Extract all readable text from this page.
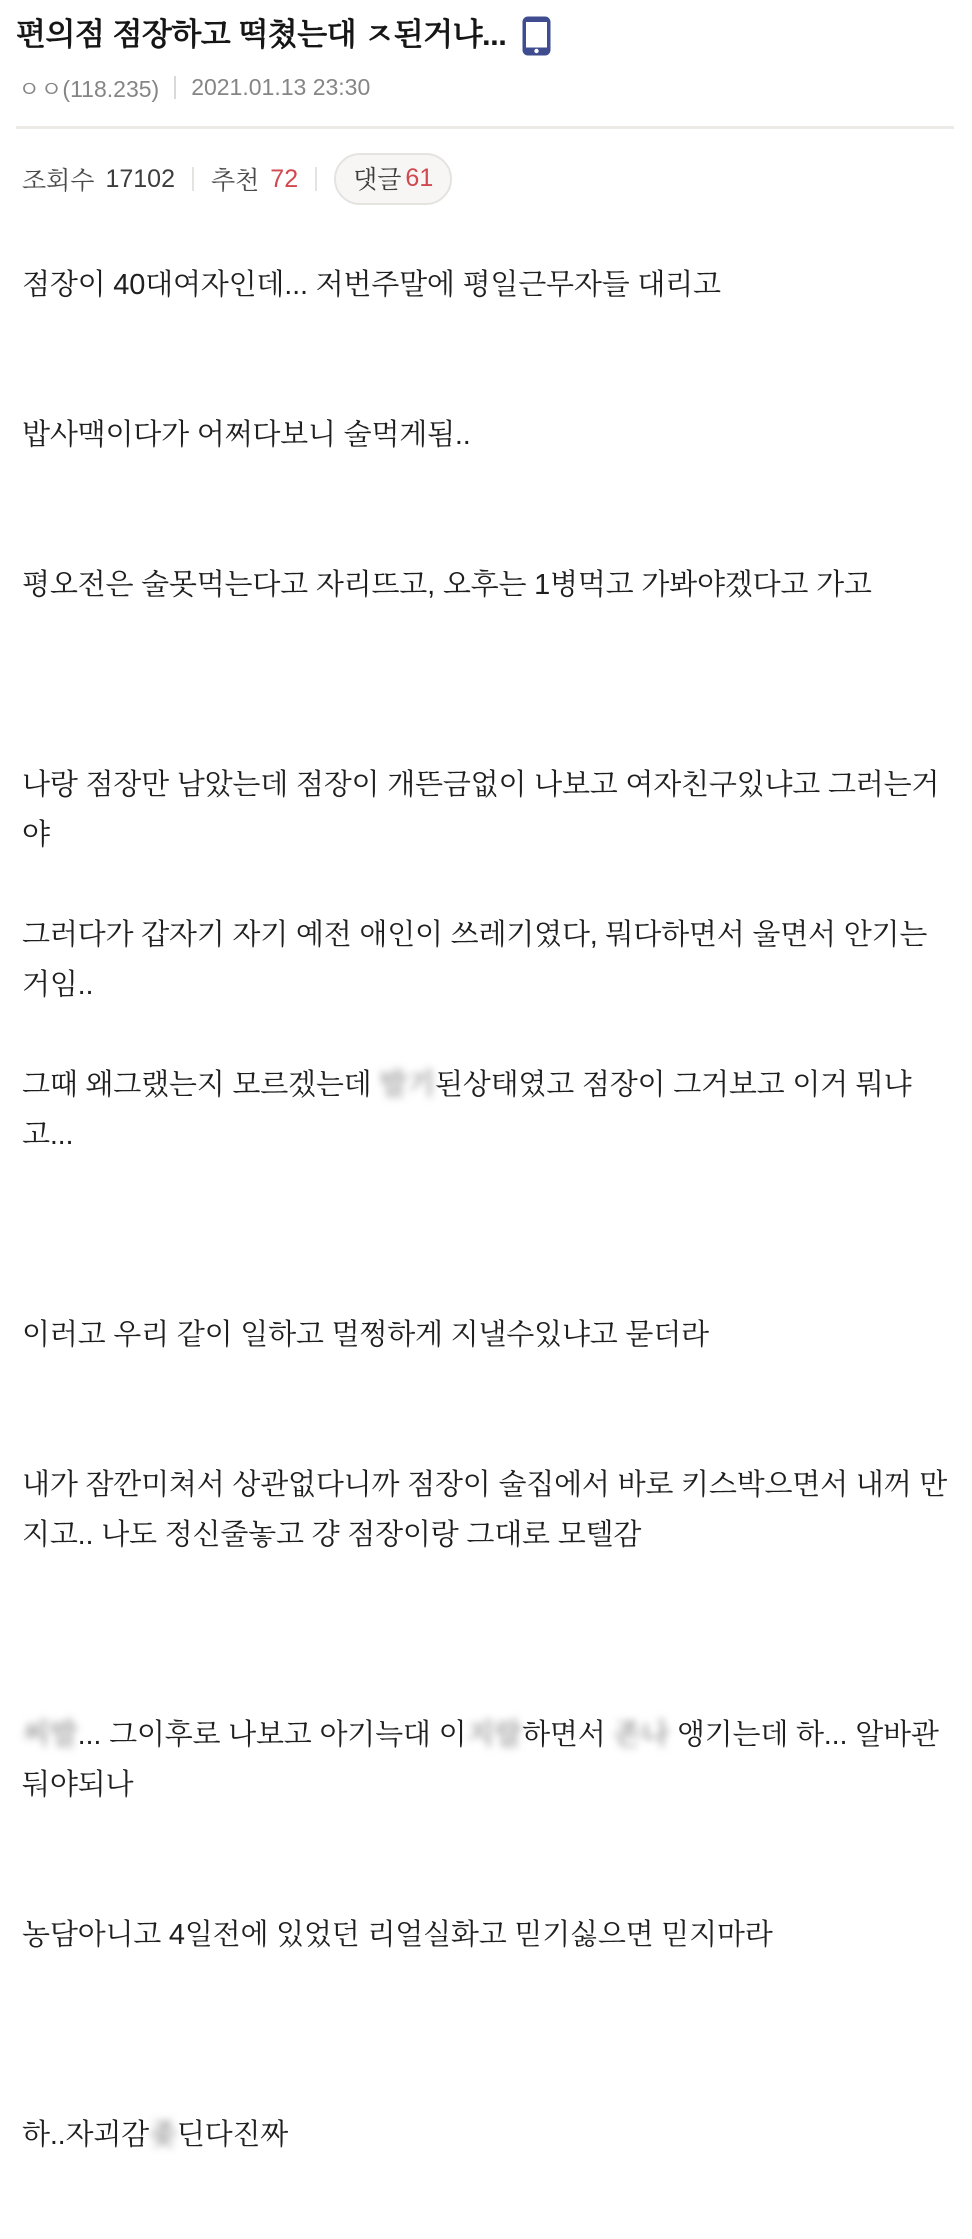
편의점 점장하고 떡쳤는대 ㅈ된거냐...
ㅇㅇ(118.235) 2021.01.13 23:30
조회수 17102 추천 72 댓글 61
점장이 40대여자인데... 저번주말에 평일근무자들 대리고

밥사맥이다가 어쩌다보니 술먹게됨..

평오전은 술못먹는다고 자리뜨고, 오후는 1병먹고 가봐야겠다고 가고

나랑 점장만 남았는데 점장이 개뜬금없이 나보고 여자친구있냐고 그러는거야

그러다가 갑자기 자기 예전 애인이 쓰레기였다, 뭐다하면서 울면서 안기는거임..

그때 왜그랬는지 모르겠는데 발기된상태였고 점장이 그거보고 이거 뭐냐고...

이러고 우리 같이 일하고 멀쩡하게 지낼수있냐고 묻더라

내가 잠깐미쳐서 상관없다니까 점장이 술집에서 바로 키스박으면서 내꺼 만지고.. 나도 정신줄놓고 걍 점장이랑 그대로 모텔감

씨발... 그이후로 나보고 아기늑대 이지랄하면서 존나 앵기는데 하... 알바관둬야되나

농담아니고 4일전에 있었던 리얼실화고 믿기싫으면 믿지마라

하..자괴감좆딘다진짜
